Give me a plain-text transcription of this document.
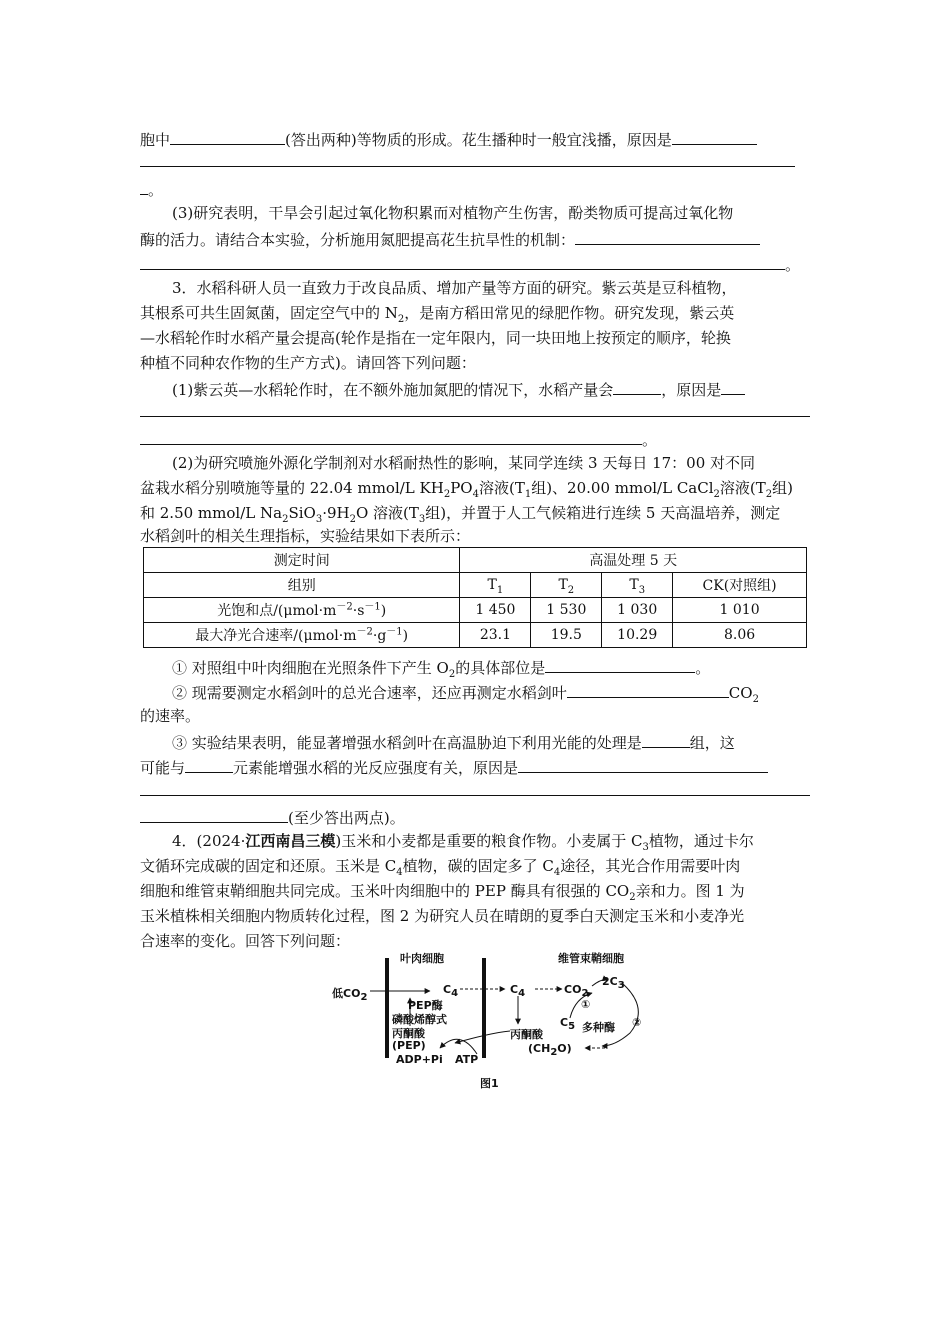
胞中	(答出两种)等物质的形成。花生播种时一般宜浅播，原因是
。
(3)研究表明，干旱会引起过氧化物积累而对植物产生伤害，酚类物质可提高过氧化物
酶的活力。请结合本实验，分析施用氮肥提高花生抗旱性的机制：
。
3．水稻科研人员一直致力于改良品质、增加产量等方面的研究。紫云英是豆科植物，
其根系可共生固氮菌，固定空气中的 $N_2$，是南方稻田常见的绿肥作物。研究发现，紫云英
—水稻轮作时水稻产量会提高(轮作是指在一定年限内，同一块田地上按预定的顺序，轮换
种植不同种农作物的生产方式)。请回答下列问题：
(1)紫云英—水稻轮作时，在不额外施加氮肥的情况下，水稻产量会	，原因是
。
(2)为研究喷施外源化学制剂对水稻耐热性的影响，某同学连续 3 天每日 17：00 对不同
盆栽水稻分别喷施等量的 22.04 mmol/L $KH_2PO_4$溶液($T_1$组)、20.00 mmol/L CaCl$_2$溶液($T_2$组)
和 2.50 mmol/L $Na_2SiO_3\cdot 9H_2O$ 溶液($T_3$组)，并置于人工气候箱进行连续 5 天高温培养，测定
水稻剑叶的相关生理指标，实验结果如下表所示：
测定时间	高温处理 5 天			
组别	$T_1$	$T_2$	$T_3$	CK(对照组)
光饱和点$/(\mu mol\cdot m^{-2}\cdot s^{-1})$	1 450	1 530	1 030	1 010
最大净光合速率$/(\mu mol\cdot m^{-2}\cdot g^{-1})$	23.1	19.5	10.29	8.06
① 对照组中叶肉细胞在光照条件下产生 $O_2$的具体部位是	。
② 现需要测定水稻剑叶的总光合速率，还应再测定水稻剑叶	$CO_2$
的速率。
③ 实验结果表明，能显著增强水稻剑叶在高温胁迫下利用光能的处理是	组，这
可能与	元素能增强水稻的光反应强度有关，原因是
(至少答出两点)。
4．(2024·江西南昌三模)玉米和小麦都是重要的粮食作物。小麦属于 $C_3$植物，通过卡尔
文循环完成碳的固定和还原。玉米是 $C_4$植物，碳的固定多了 $C_4$途径，其光合作用需要叶肉
细胞和维管束鞘细胞共同完成。玉米叶肉细胞中的 PEP 酶具有很强的 $CO_2$亲和力。图 1 为
玉米植株相关细胞内物质转化过程，图 2 为研究人员在晴朗的夏季白天测定玉米和小麦净光
合速率的变化。回答下列问题：
叶肉细胞	维管束鞘细胞
低$CO_2$
PEP酶
$C_4$	$C_4$	$CO_2$
$2C_3$
①
$C_5$ 多种酶 ②
磷酸烯醇式
丙酮酸
(PEP)
丙酮酸
$(CH_2O)$
ADP+Pi ATP
图1
